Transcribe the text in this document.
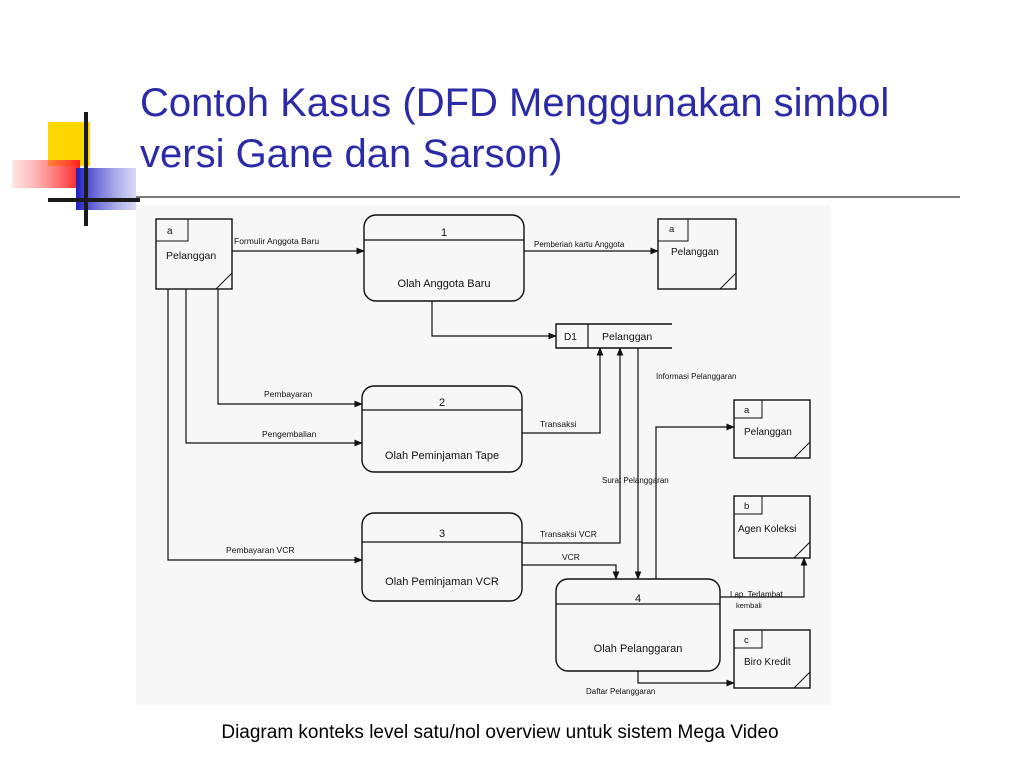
Contoh Kasus (DFD Menggunakan simbol
versi Gane dan Sarson)
a
Pelanggan
a
Pelanggan
a
Pelanggan
b
Agen Koleksi
c
Biro Kredit
1
Olah Anggota Baru
2
Olah Peminjaman Tape
3
Olah Peminjaman VCR
4
Olah Pelanggaran
D1 Pelanggan
Formulir Anggota Baru	Pemberian kartu Anggota
Pembayaran
Pengembalian
Transaksi
Informasi Pelanggaran
Surat Pelanggaran
Transaksi VCR
VCR
Pembayaran VCR
Lap. Terlambat
kembali
Daftar Pelanggaran

Diagram konteks level satu/nol overview untuk sistem Mega Video
